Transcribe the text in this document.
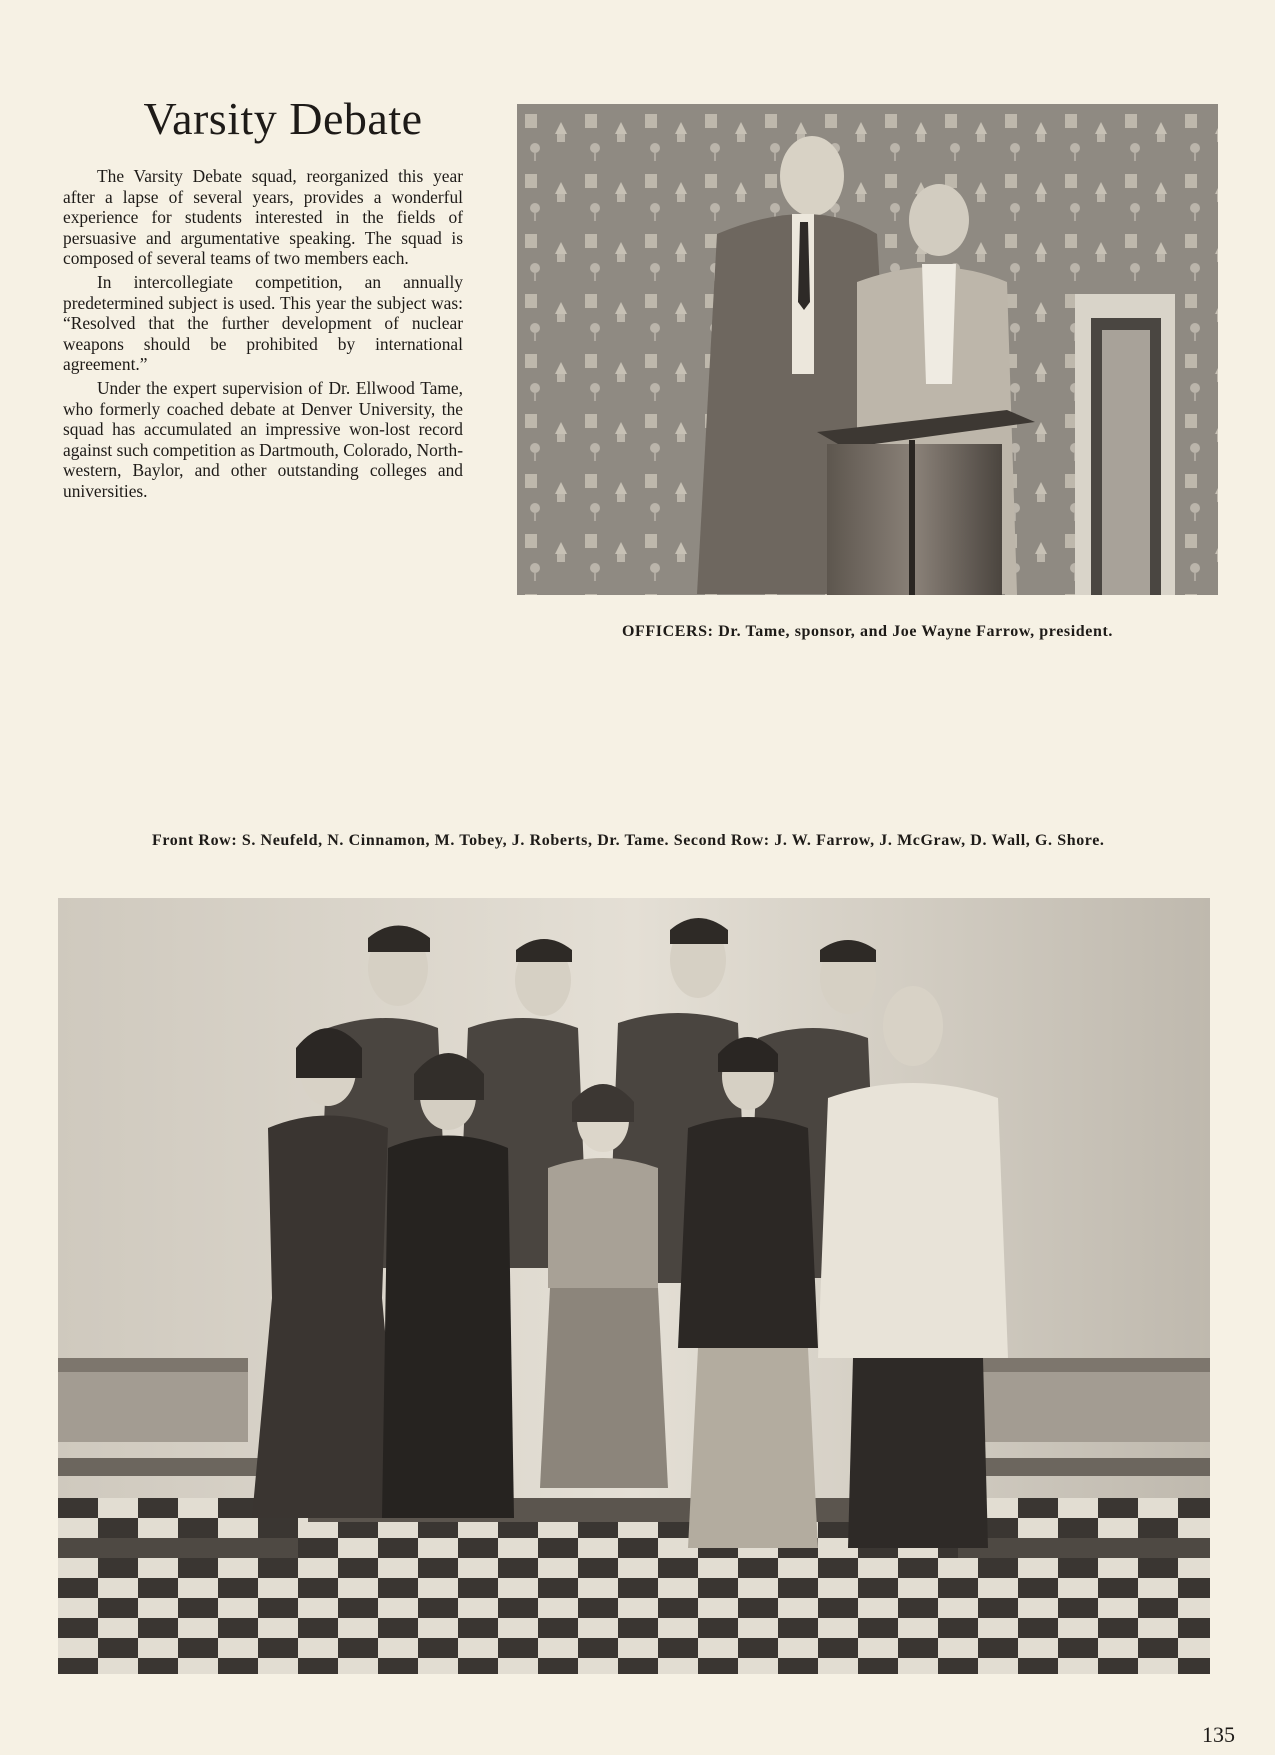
Varsity Debate

The Varsity Debate squad, reorganized this year after a lapse of several years, provides a wonderful experience for students interested in the fields of persuasive and argumentative speaking. The squad is composed of several teams of two members each.

In intercollegiate competition, an annually predetermined subject is used. This year the subject was: “Resolved that the further development of nuclear weapons should be prohibited by international agreement.”

Under the expert supervision of Dr. Ellwood Tame, who formerly coached debate at Denver University, the squad has accumulated an impressive won-lost record against such competition as Dartmouth, Colorado, Northwestern, Baylor, and other outstanding colleges and universities.

OFFICERS: Dr. Tame, sponsor, and Joe Wayne Farrow, president.
Front Row: S. Neufeld, N. Cinnamon, M. Tobey, J. Roberts, Dr. Tame. Second Row: J. W. Farrow, J. McGraw, D. Wall, G. Shore.
135
